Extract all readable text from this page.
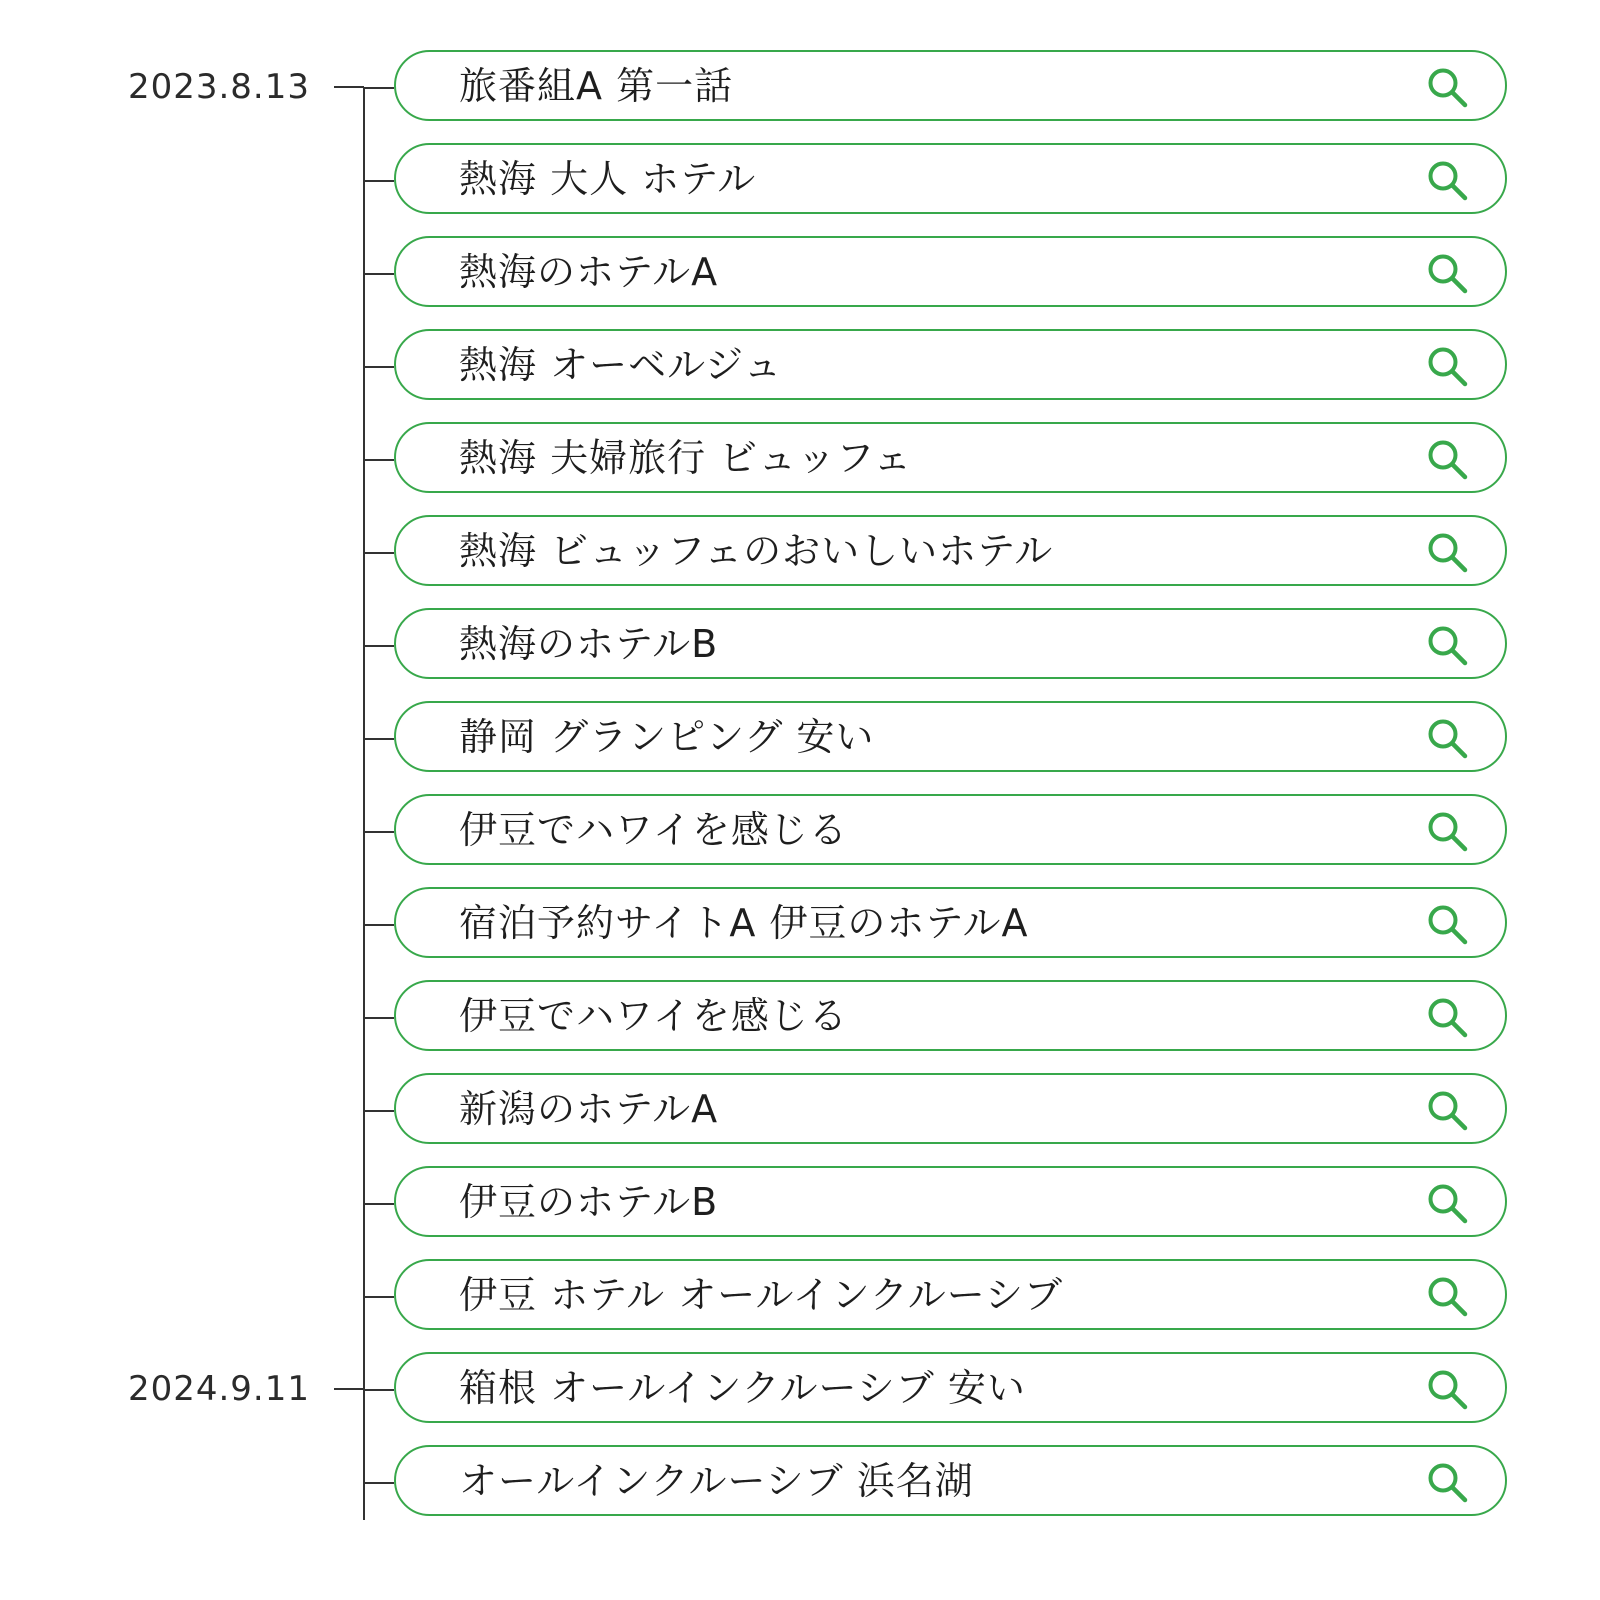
旅番組A 第一話
熱海 大人 ホテル
熱海のホテルA
熱海 オーベルジュ
熱海 夫婦旅行 ビュッフェ
熱海 ビュッフェのおいしいホテル
熱海のホテルB
静岡 グランピング 安い
伊豆でハワイを感じる
宿泊予約サイトA 伊豆のホテルA
伊豆でハワイを感じる
新潟のホテルA
伊豆のホテルB
伊豆 ホテル オールインクルーシブ
箱根 オールインクルーシブ 安い
オールインクルーシブ 浜名湖
2023.8.13
2024.9.11
